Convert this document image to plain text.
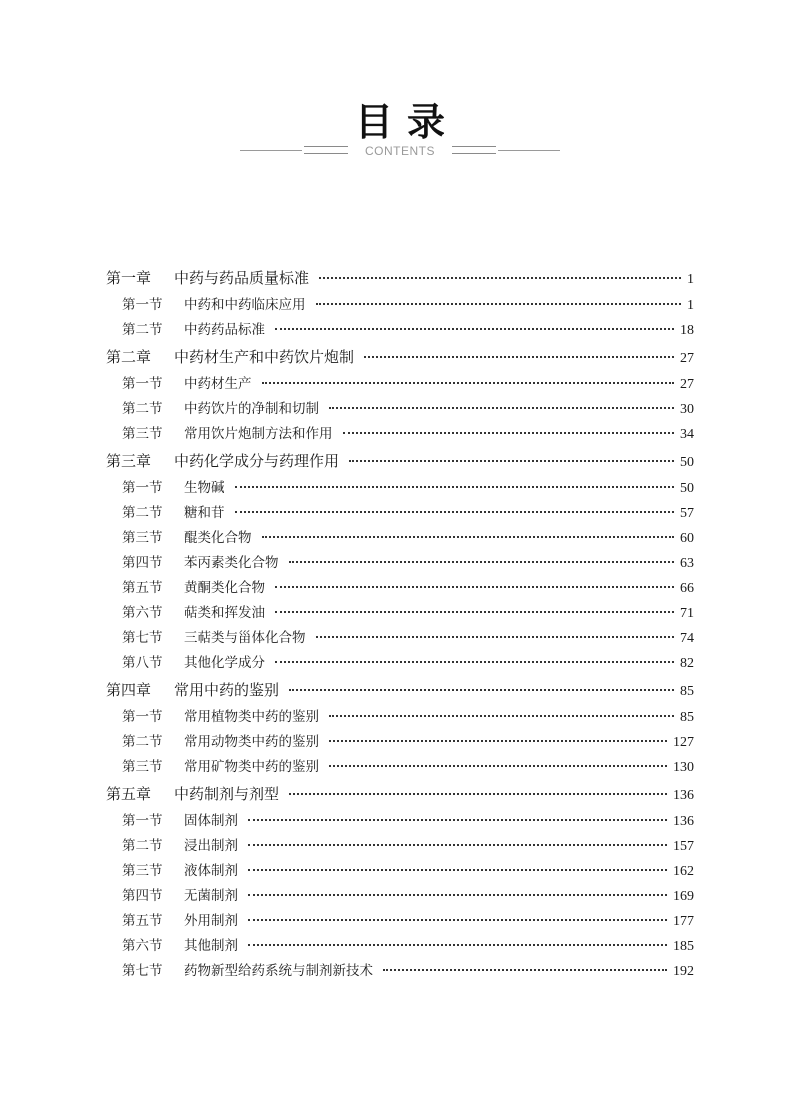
目录
CONTENTS
第一章	中药与药品质量标准	1
第一节	中药和中药临床应用	1
第二节	中药药品标准	18
第二章	中药材生产和中药饮片炮制	27
第一节	中药材生产	27
第二节	中药饮片的净制和切制	30
第三节	常用饮片炮制方法和作用	34
第三章	中药化学成分与药理作用	50
第一节	生物碱	50
第二节	糖和苷	57
第三节	醌类化合物	60
第四节	苯丙素类化合物	63
第五节	黄酮类化合物	66
第六节	萜类和挥发油	71
第七节	三萜类与甾体化合物	74
第八节	其他化学成分	82
第四章	常用中药的鉴别	85
第一节	常用植物类中药的鉴别	85
第二节	常用动物类中药的鉴别	127
第三节	常用矿物类中药的鉴别	130
第五章	中药制剂与剂型	136
第一节	固体制剂	136
第二节	浸出制剂	157
第三节	液体制剂	162
第四节	无菌制剂	169
第五节	外用制剂	177
第六节	其他制剂	185
第七节	药物新型给药系统与制剂新技术	192
